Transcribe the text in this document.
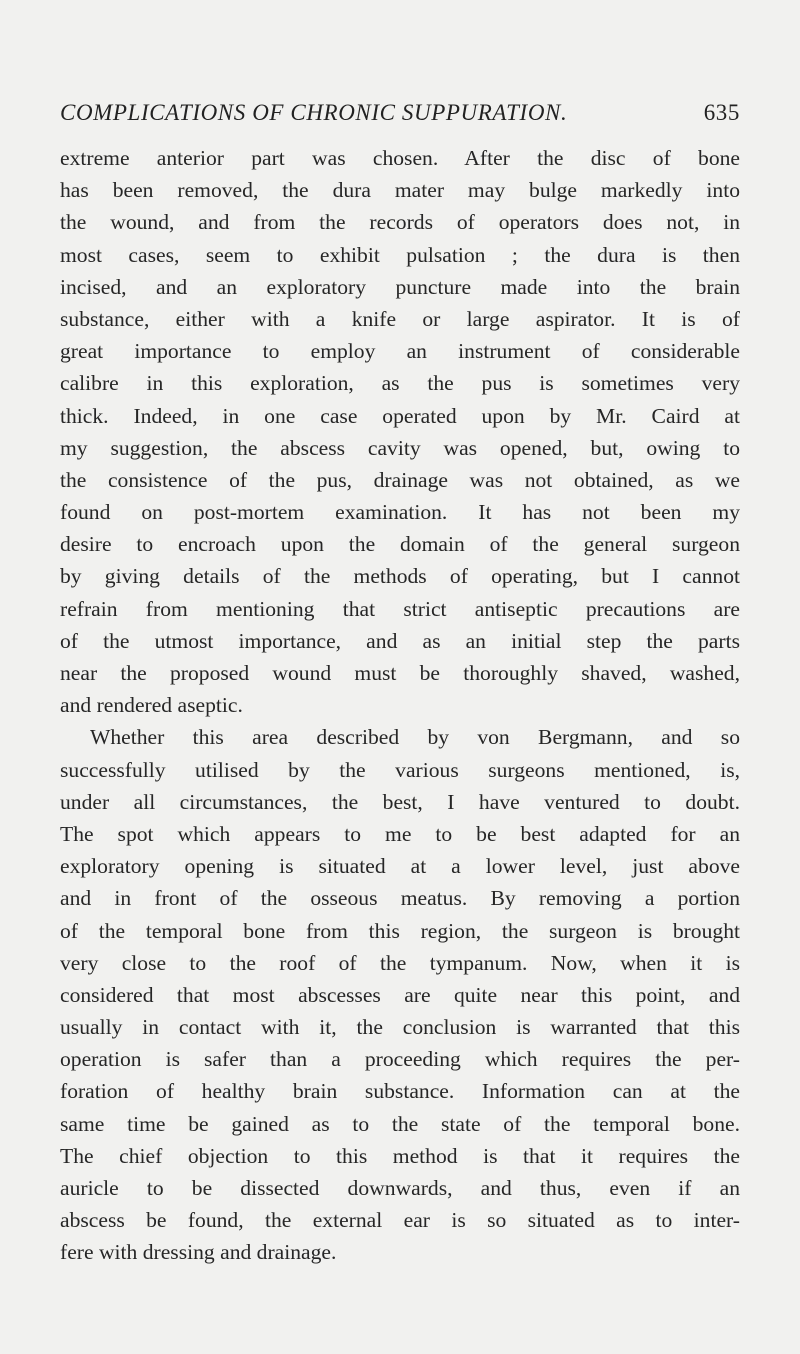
COMPLICATIONS OF CHRONIC SUPPURATION.	635
extreme anterior part was chosen. After the disc of bone
has been removed, the dura mater may bulge markedly into
the wound, and from the records of operators does not, in
most cases, seem to exhibit pulsation ; the dura is then
incised, and an exploratory puncture made into the brain
substance, either with a knife or large aspirator. It is of
great importance to employ an instrument of considerable
calibre in this exploration, as the pus is sometimes very
thick. Indeed, in one case operated upon by Mr. Caird at
my suggestion, the abscess cavity was opened, but, owing to
the consistence of the pus, drainage was not obtained, as we
found on post-mortem examination. It has not been my
desire to encroach upon the domain of the general surgeon
by giving details of the methods of operating, but I cannot
refrain from mentioning that strict antiseptic precautions are
of the utmost importance, and as an initial step the parts
near the proposed wound must be thoroughly shaved, washed,
and rendered aseptic.
Whether this area described by von Bergmann, and so
successfully utilised by the various surgeons mentioned, is,
under all circumstances, the best, I have ventured to doubt.
The spot which appears to me to be best adapted for an
exploratory opening is situated at a lower level, just above
and in front of the osseous meatus. By removing a portion
of the temporal bone from this region, the surgeon is brought
very close to the roof of the tympanum. Now, when it is
considered that most abscesses are quite near this point, and
usually in contact with it, the conclusion is warranted that this
operation is safer than a proceeding which requires the per-
foration of healthy brain substance. Information can at the
same time be gained as to the state of the temporal bone.
The chief objection to this method is that it requires the
auricle to be dissected downwards, and thus, even if an
abscess be found, the external ear is so situated as to inter-
fere with dressing and drainage.
